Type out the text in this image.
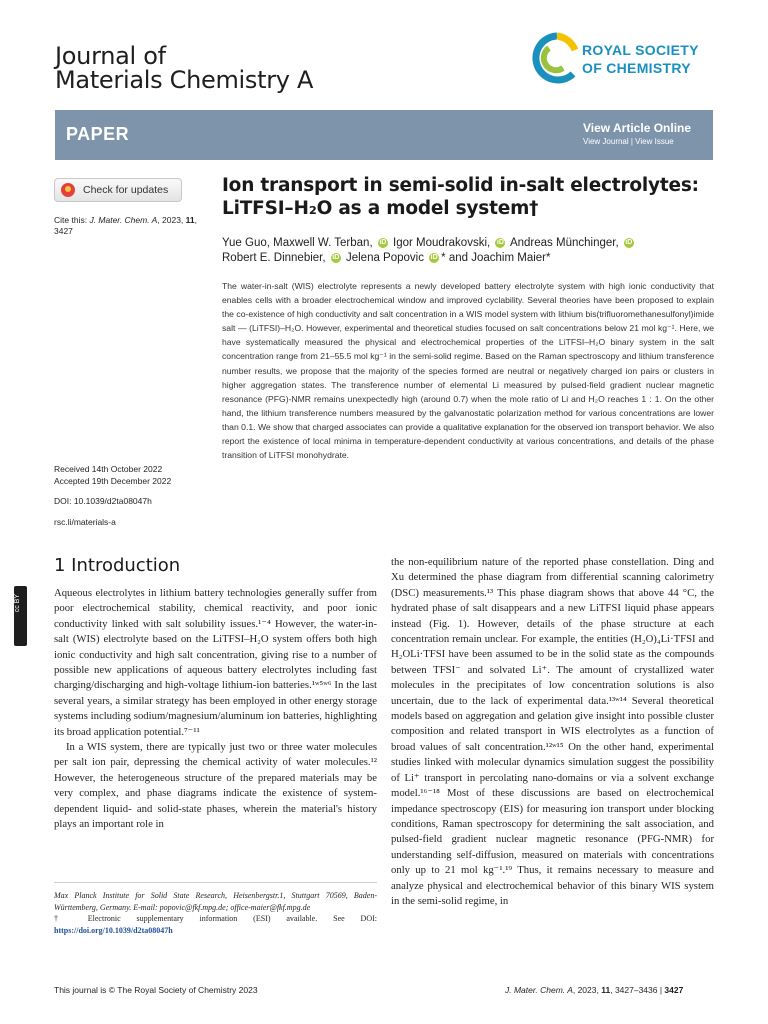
Journal of
Materials Chemistry A
ROYAL SOCIETY
OF CHEMISTRY
PAPER	View Article Online
View Journal | View Issue
Check for updates
Cite this: J. Mater. Chem. A, 2023, 11, 3427
Received 14th October 2022
Accepted 19th December 2022
DOI: 10.1039/d2ta08047h
rsc.li/materials-a
Ion transport in semi-solid in-salt electrolytes:
LiTFSI–H₂O as a model system†
Yue Guo, Maxwell W. Terban, iD Igor Moudrakovski, iD Andreas Münchinger, iD
Robert E. Dinnebier, iD Jelena Popovic iD * and Joachim Maier*

The water-in-salt (WIS) electrolyte represents a newly developed battery electrolyte system with high ionic conductivity that enables cells with a broader electrochemical window and improved cyclability. Several theories have been proposed to explain the co-existence of high conductivity and salt concentration in a WIS model system with lithium bis(trifluoromethanesulfonyl)imide salt — (LiTFSI)–H₂O. However, experimental and theoretical studies focused on salt concentrations below 21 mol kg⁻¹. Here, we have systematically measured the physical and electrochemical properties of the LiTFSI–H₂O binary system in the salt concentration range from 21–55.5 mol kg⁻¹ in the semi-solid regime. Based on the Raman spectroscopy and lithium transference number results, we propose that the majority of the species formed are neutral or negatively charged ion pairs or clusters in higher aggregation states. The transference number of elemental Li measured by pulsed-field gradient nuclear magnetic resonance (PFG)-NMR remains unexpectedly high (around 0.7) when the mole ratio of Li and H₂O reaches 1 : 1. On the other hand, the lithium transference numbers measured by the galvanostatic polarization method for various concentrations are lower than 0.1. We show that charged associates can provide a qualitative explanation for the observed ion transport behavior. We also report the existence of local minima in temperature-dependent conductivity at various concentrations, and details of the phase transition of LiTFSI monohydrate.

cc BY
1 Introduction

Aqueous electrolytes in lithium battery technologies generally suffer from poor electrochemical stability, chemical reactivity, and poor ionic conductivity linked with salt solubility issues.¹⁻⁴ However, the water-in-salt (WIS) electrolyte based on the LiTFSI–H₂O system offers both high ionic conductivity and high salt concentration, giving rise to a number of possible new applications of aqueous battery electrolytes including fast charging/discharging and high-voltage lithium-ion batteries.¹ʷ⁵ʷ⁶ In the last several years, a similar strategy has been employed in other energy storage systems including sodium/magnesium/aluminum ion batteries, highlighting its broad application potential.⁷⁻¹¹

In a WIS system, there are typically just two or three water molecules per salt ion pair, depressing the chemical activity of water molecules.¹² However, the heterogeneous structure of the prepared materials may be very complex, and phase diagrams indicate the existence of system-dependent liquid- and solid-state phases, wherein the material's history plays an important role in

the non-equilibrium nature of the reported phase constellation. Ding and Xu determined the phase diagram from differential scanning calorimetry (DSC) measurements.¹³ This phase diagram shows that above 44 °C, the hydrated phase of salt disappears and a new LiTFSI liquid phase appears instead (Fig. 1). However, details of the phase structure at each concentration remain unclear. For example, the entities (H₂O)₄Li·TFSI and H₂OLi·TFSI have been assumed to be in the solid state as the compounds between TFSI⁻ and solvated Li⁺. The amount of crystallized water molecules in the precipitates of low concentration solutions is also uncertain, due to the lack of experimental data.¹³ʷ¹⁴ Several theoretical models based on aggregation and gelation give insight into possible cluster composition and related transport in WIS electrolytes as a function of broad values of salt concentration.¹²ʷ¹⁵ On the other hand, experimental studies linked with molecular dynamics simulation suggest the possibility of Li⁺ transport in percolating nano-domains or via a solvent exchange model.¹⁶⁻¹⁸ Most of these discussions are based on electrochemical impedance spectroscopy (EIS) for measuring ion transport under blocking conditions, Raman spectroscopy for determining the salt association, and pulsed-field gradient nuclear magnetic resonance (PFG-NMR) for understanding self-diffusion, measured on materials with concentrations only up to 21 mol kg⁻¹.¹⁹ Thus, it remains necessary to measure and analyze physical and electrochemical behavior of this binary WIS system in the semi-solid regime, in

Max Planck Institute for Solid State Research, Heisenbergstr.1, Stuttgart 70569, Baden-Württemberg, Germany. E-mail: popovic@fkf.mpg.de; office-maier@fkf.mpg.de
† Electronic supplementary information (ESI) available. See DOI: https://doi.org/10.1039/d2ta08047h
This journal is © The Royal Society of Chemistry 2023	J. Mater. Chem. A, 2023, 11, 3427–3436 | 3427
